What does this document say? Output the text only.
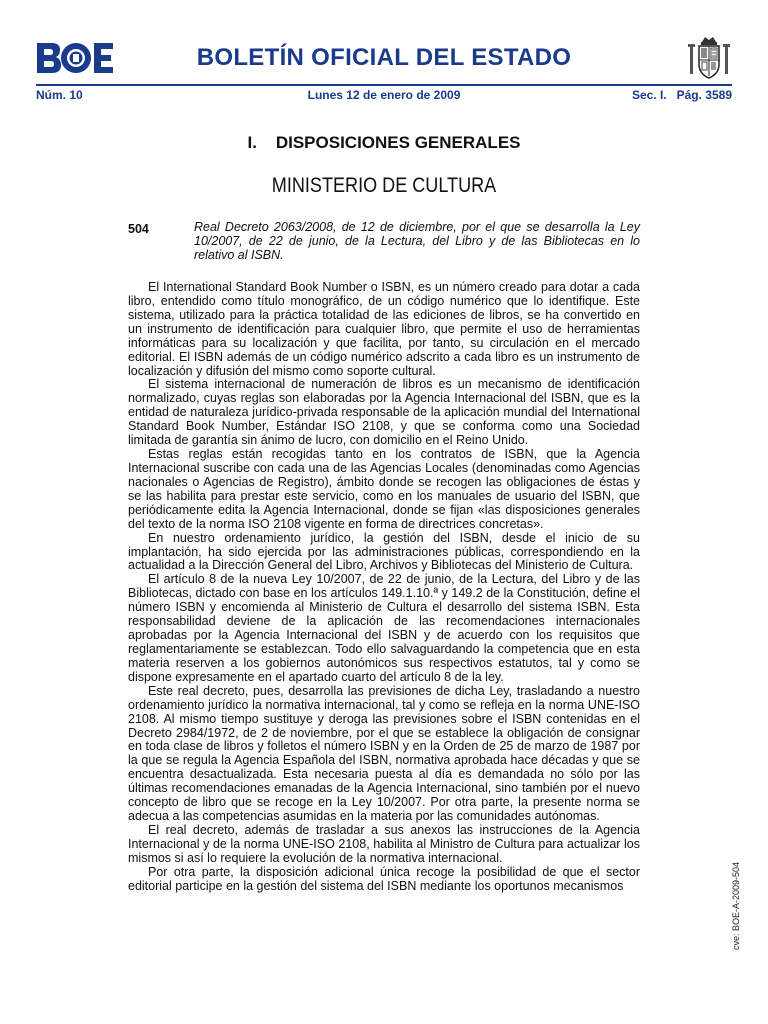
BOLETÍN OFICIAL DEL ESTADO
Núm. 10	Lunes 12 de enero de 2009	Sec. I.   Pág. 3589
I.    DISPOSICIONES GENERALES
MINISTERIO DE CULTURA
504	Real Decreto 2063/2008, de 12 de diciembre, por el que se desarrolla la Ley 10/2007, de 22 de junio, de la Lectura, del Libro y de las Bibliotecas en lo relativo al ISBN.

El International Standard Book Number o ISBN, es un número creado para dotar a cada libro, entendido como título monográfico, de un código numérico que lo identifique. Este sistema, utilizado para la práctica totalidad de las ediciones de libros, se ha convertido en un instrumento de identificación para cualquier libro, que permite el uso de herramientas informáticas para su localización y que facilita, por tanto, su circulación en el mercado editorial. El ISBN además de un código numérico adscrito a cada libro es un instrumento de localización y difusión del mismo como soporte cultural.

El sistema internacional de numeración de libros es un mecanismo de identificación normalizado, cuyas reglas son elaboradas por la Agencia Internacional del ISBN, que es la entidad de naturaleza jurídico-privada responsable de la aplicación mundial del International Standard Book Number, Estándar ISO 2108, y que se conforma como una Sociedad limitada de garantía sin ánimo de lucro, con domicilio en el Reino Unido.

Estas reglas están recogidas tanto en los contratos de ISBN, que la Agencia Internacional suscribe con cada una de las Agencias Locales (denominadas como Agencias nacionales o Agencias de Registro), ámbito donde se recogen las obligaciones de éstas y se las habilita para prestar este servicio, como en los manuales de usuario del ISBN, que periódicamente edita la Agencia Internacional, donde se fijan «las disposiciones generales del texto de la norma ISO 2108 vigente en forma de directrices concretas».

En nuestro ordenamiento jurídico, la gestión del ISBN, desde el inicio de su implantación, ha sido ejercida por las administraciones públicas, correspondiendo en la actualidad a la Dirección General del Libro, Archivos y Bibliotecas del Ministerio de Cultura.

El artículo 8 de la nueva Ley 10/2007, de 22 de junio, de la Lectura, del Libro y de las Bibliotecas, dictado con base en los artículos 149.1.10.ª y 149.2 de la Constitución, define el número ISBN y encomienda al Ministerio de Cultura el desarrollo del sistema ISBN. Esta responsabilidad deviene de la aplicación de las recomendaciones internacionales aprobadas por la Agencia Internacional del ISBN y de acuerdo con los requisitos que reglamentariamente se establezcan. Todo ello salvaguardando la competencia que en esta materia reserven a los gobiernos autonómicos sus respectivos estatutos, tal y como se dispone expresamente en el apartado cuarto del artículo 8 de la ley.

Este real decreto, pues, desarrolla las previsiones de dicha Ley, trasladando a nuestro ordenamiento jurídico la normativa internacional, tal y como se refleja en la norma UNE-ISO 2108. Al mismo tiempo sustituye y deroga las previsiones sobre el ISBN contenidas en el Decreto 2984/1972, de 2 de noviembre, por el que se establece la obligación de consignar en toda clase de libros y folletos el número ISBN y en la Orden de 25 de marzo de 1987 por la que se regula la Agencia Española del ISBN, normativa aprobada hace décadas y que se encuentra desactualizada. Esta necesaria puesta al día es demandada no sólo por las últimas recomendaciones emanadas de la Agencia Internacional, sino también por el nuevo concepto de libro que se recoge en la Ley 10/2007. Por otra parte, la presente norma se adecua a las competencias asumidas en la materia por las comunidades autónomas.

El real decreto, además de trasladar a sus anexos las instrucciones de la Agencia Internacional y de la norma UNE-ISO 2108, habilita al Ministro de Cultura para actualizar los mismos si así lo requiere la evolución de la normativa internacional.

Por otra parte, la disposición adicional única recoge la posibilidad de que el sector editorial participe en la gestión del sistema del ISBN mediante los oportunos mecanismos	cve: BOE-A-2009-504
